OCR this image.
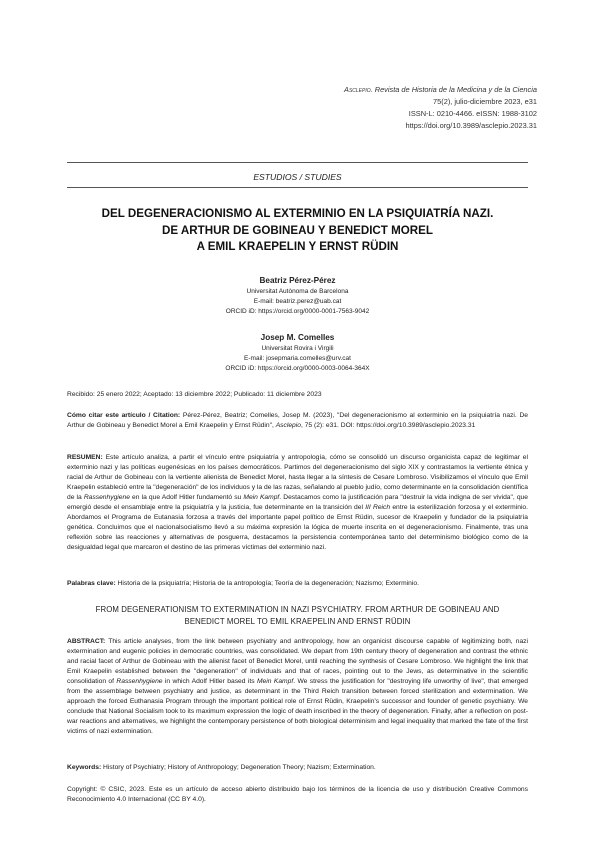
Asclepio. Revista de Historia de la Medicina y de la Ciencia
75(2), julio-diciembre 2023, e31
ISSN-L: 0210-4466. eISSN: 1988-3102
https://doi.org/10.3989/asclepio.2023.31
ESTUDIOS / STUDIES
DEL DEGENERACIONISMO AL EXTERMINIO EN LA PSIQUIATRÍA NAZI.
DE ARTHUR DE GOBINEAU Y BENEDICT MOREL
A EMIL KRAEPELIN Y ERNST RÜDIN
Beatriz Pérez-Pérez
Universitat Autònoma de Barcelona
E-mail: beatriz.perez@uab.cat
ORCID iD: https://orcid.org/0000-0001-7563-9042
Josep M. Comelles
Universitat Rovira i Virgili
E-mail: josepmaria.comelles@urv.cat
ORCID iD: https://orcid.org/0000-0003-0064-364X
Recibido: 25 enero 2022; Aceptado: 13 diciembre 2022; Publicado: 11 diciembre 2023
Cómo citar este artículo / Citation: Pérez-Pérez, Beatriz; Comelles, Josep M. (2023), "Del degeneracionismo al exterminio en la psiquiatría nazi. De Arthur de Gobineau y Benedict Morel a Emil Kraepelin y Ernst Rüdin", Asclepio, 75 (2): e31. DOI: https://doi.org/10.3989/asclepio.2023.31
RESUMEN: Este artículo analiza, a partir el vínculo entre psiquiatría y antropología, cómo se consolidó un discurso organicista capaz de legitimar el exterminio nazi y las políticas eugenésicas en los países democráticos. Partimos del degeneracionismo del siglo XIX y contrastamos la vertiente étnica y racial de Arthur de Gobineau con la vertiente alienista de Benedict Morel, hasta llegar a la síntesis de Cesare Lombroso. Visibilizamos el vínculo que Emil Kraepelin estableció entre la "degeneración" de los individuos y la de las razas, señalando al pueblo judío, como determinante en la consolidación científica de la Rassenhygiene en la que Adolf Hitler fundamentó su Mein Kampf. Destacamos como la justificación para "destruir la vida indigna de ser vivida", que emergió desde el ensamblaje entre la psiquiatría y la justicia, fue determinante en la transición del III Reich entre la esterilización forzosa y el exterminio. Abordamos el Programa de Eutanasia forzosa a través del importante papel político de Ernst Rüdin, sucesor de Kraepelin y fundador de la psiquiatría genética. Concluimos que el nacionalsocialismo llevó a su máxima expresión la lógica de muerte inscrita en el degeneracionismo. Finalmente, tras una reflexión sobre las reacciones y alternativas de posguerra, destacamos la persistencia contemporánea tanto del determinismo biológico como de la desigualdad legal que marcaron el destino de las primeras víctimas del exterminio nazi.
Palabras clave: Historia de la psiquiatría; Historia de la antropología; Teoría de la degeneración; Nazismo; Exterminio.
FROM DEGENERATIONISM TO EXTERMINATION IN NAZI PSYCHIATRY. FROM ARTHUR DE GOBINEAU AND
BENEDICT MOREL TO EMIL KRAEPELIN AND ERNST RÜDIN
ABSTRACT: This article analyses, from the link between psychiatry and anthropology, how an organicist discourse capable of legitimizing both, nazi extermination and eugenic policies in democratic countries, was consolidated. We depart from 19th century theory of degeneration and contrast the ethnic and racial facet of Arthur de Gobineau with the alienist facet of Benedict Morel, until reaching the synthesis of Cesare Lombroso. We highlight the link that Emil Kraepelin established between the "degeneration" of individuals and that of races, pointing out to the Jews, as determinative in the scientific consolidation of Rassenhygiene in which Adolf Hitler based its Mein Kampf. We stress the justification for "destroying life unworthy of live", that emerged from the assemblage between psychiatry and justice, as determinant in the Third Reich transition between forced sterilization and extermination. We approach the forced Euthanasia Program through the important political role of Ernst Rüdin, Kraepelin's successor and founder of genetic psychiatry. We conclude that National Socialism took to its maximum expression the logic of death inscribed in the theory of degeneration. Finally, after a reflection on post-war reactions and alternatives, we highlight the contemporary persistence of both biological determinism and legal inequality that marked the fate of the first victims of nazi extermination.
Keywords: History of Psychiatry; History of Anthropology; Degeneration Theory; Nazism; Extermination.
Copyright: © CSIC, 2023. Este es un artículo de acceso abierto distribuido bajo los términos de la licencia de uso y distribución Creative Commons Reconocimiento 4.0 Internacional (CC BY 4.0).
